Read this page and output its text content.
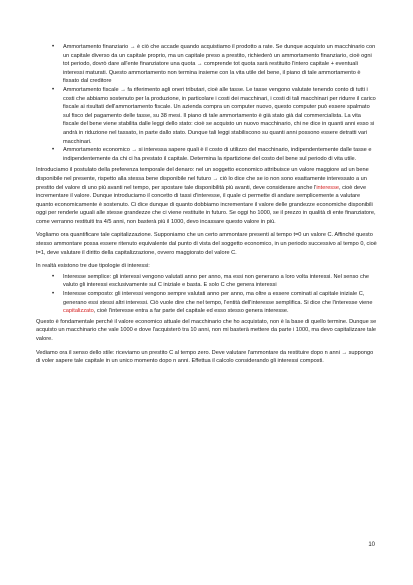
• Ammortamento finanziario → è ciò che accade quando acquistiamo il prodotto a rate. Se dunque acquisto un macchinario con un capitale diverso da un capitale proprio, ma un capitale preso a prestito, richiederò un ammortamento finanziario, cioè ogni tot periodo, dovrò dare all'ente finanziatore una quota → comprende tot quota sarà restituito l'intero capitale + eventuali interessi maturati. Questo ammortamento non termina insieme con la vita utile del bene, il piano di tale ammortamento è fissato dal creditore
• Ammortamento fiscale → fa riferimento agli oneri tributari, cioè alle tasse. Le tasse vengono valutate tenendo conto di tutti i costi che abbiamo sostenuto per la produzione, in particolare i costi dei macchinari, i costi di tali macchinari per ridurre il carico fiscale ai risultati dell'ammortamento fiscale. Un azienda compra un computer nuovo, questo computer può essere spalmato sul fisco del pagamento delle tasse, su 38 mesi. Il piano di tale ammortamento è già stato già dal commercialista. La vita fiscale del bene viene stabilita dalle leggi dello stato: cioè se acquisto un nuovo macchinario, chi ne dice in quanti anni esso si andrà in riduzione nel tassato, in parte dallo stato. Dunque tali leggi stabiliscono su quanti anni possono essere detratti vari macchinari.
• Ammortamento economico → si interessa sapere quali è il costo di utilizzo del macchinario, indipendentemente dalle tasse e indipendentemente da chi ci ha prestato il capitale. Determina la ripartizione del costo del bene sul periodo di vita utile.

Introduciamo il postulato della preferenza temporale del denaro: nel un soggetto economico attribuisce un valore maggiore ad un bene disponibile nel presente, rispetto alla stessa bene disponibile nel futuro → ciò lo dice che se io non sono esattamente interessato a un prestito del valore di uno più avanti nel tempo, per spostare tale disponibilità più avanti, deve considerare anche l'interesse, cioè deve incrementare il valore. Dunque introduciamo il concetto di tassi d'interesse, il quale ci permette di andare semplicemente a valutare quanto economicamente è sostenuto. Ci dice dunque di quanto dobbiamo incrementare il valore delle grandezze economiche disponibili oggi per renderle uguali alle stesse grandezze che ci viene restituite in futuro. Se oggi ho 1000, se il prezzo in qualità di ente finanziatore, come verranno restituiti tra 4/5 anni, non basterà più il 1000, devo incassare questo valore in più.

Vogliamo ora quantificare tale capitalizzazione. Supponiamo che un certo ammontare presenti al tempo t=0 un valore C. Affinché questo stesso ammontare possa essere ritenuto equivalente dal punto di vista del soggetto economico, in un periodo successivo al tempo 0, cioè t=1, deve valutare il diritto della capitalizzazione, ovvero maggiorato del valore C.

In realtà esistono tre due tipologie di interessi:

• Interesse semplice: gli interessi vengono valutati anno per anno, ma essi non generano a loro volta interessi. Nel senso che valuto gli interessi esclusivamente sul C iniziale e basta. E solo C che genera interessi
• Interesse composto: gli interessi vengono sempre valutati anno per anno, ma oltre a essere cominati al capitale iniziale C, generano essi stessi altri interessi. Ciò vuole dire che nel tempo, l'entità dell'interesse semplifica. Si dice che l'interesse viene capitalizzato, cioè l'interesse entra a far parte del capitale ed esso stesso genera interesse.

Questo è fondamentale perché il valore economico attuale del macchinario che ho acquistato, non è la base di quello termine. Dunque se acquisto un macchinario che vale 1000 e dove l'acquisterò tra 10 anni, non mi basterà mettere da parte i 1000, ma devo capitalizzare tale valore.

Vediamo ora il senso dello stile: riceviamo un prestito C al tempo zero. Deve valutare l'ammontare da restituire dopo n anni → suppongo di voler sapere tale capitale in un unico momento dopo n anni. Effettua il calcolo considerando gli interessi composti.

10
